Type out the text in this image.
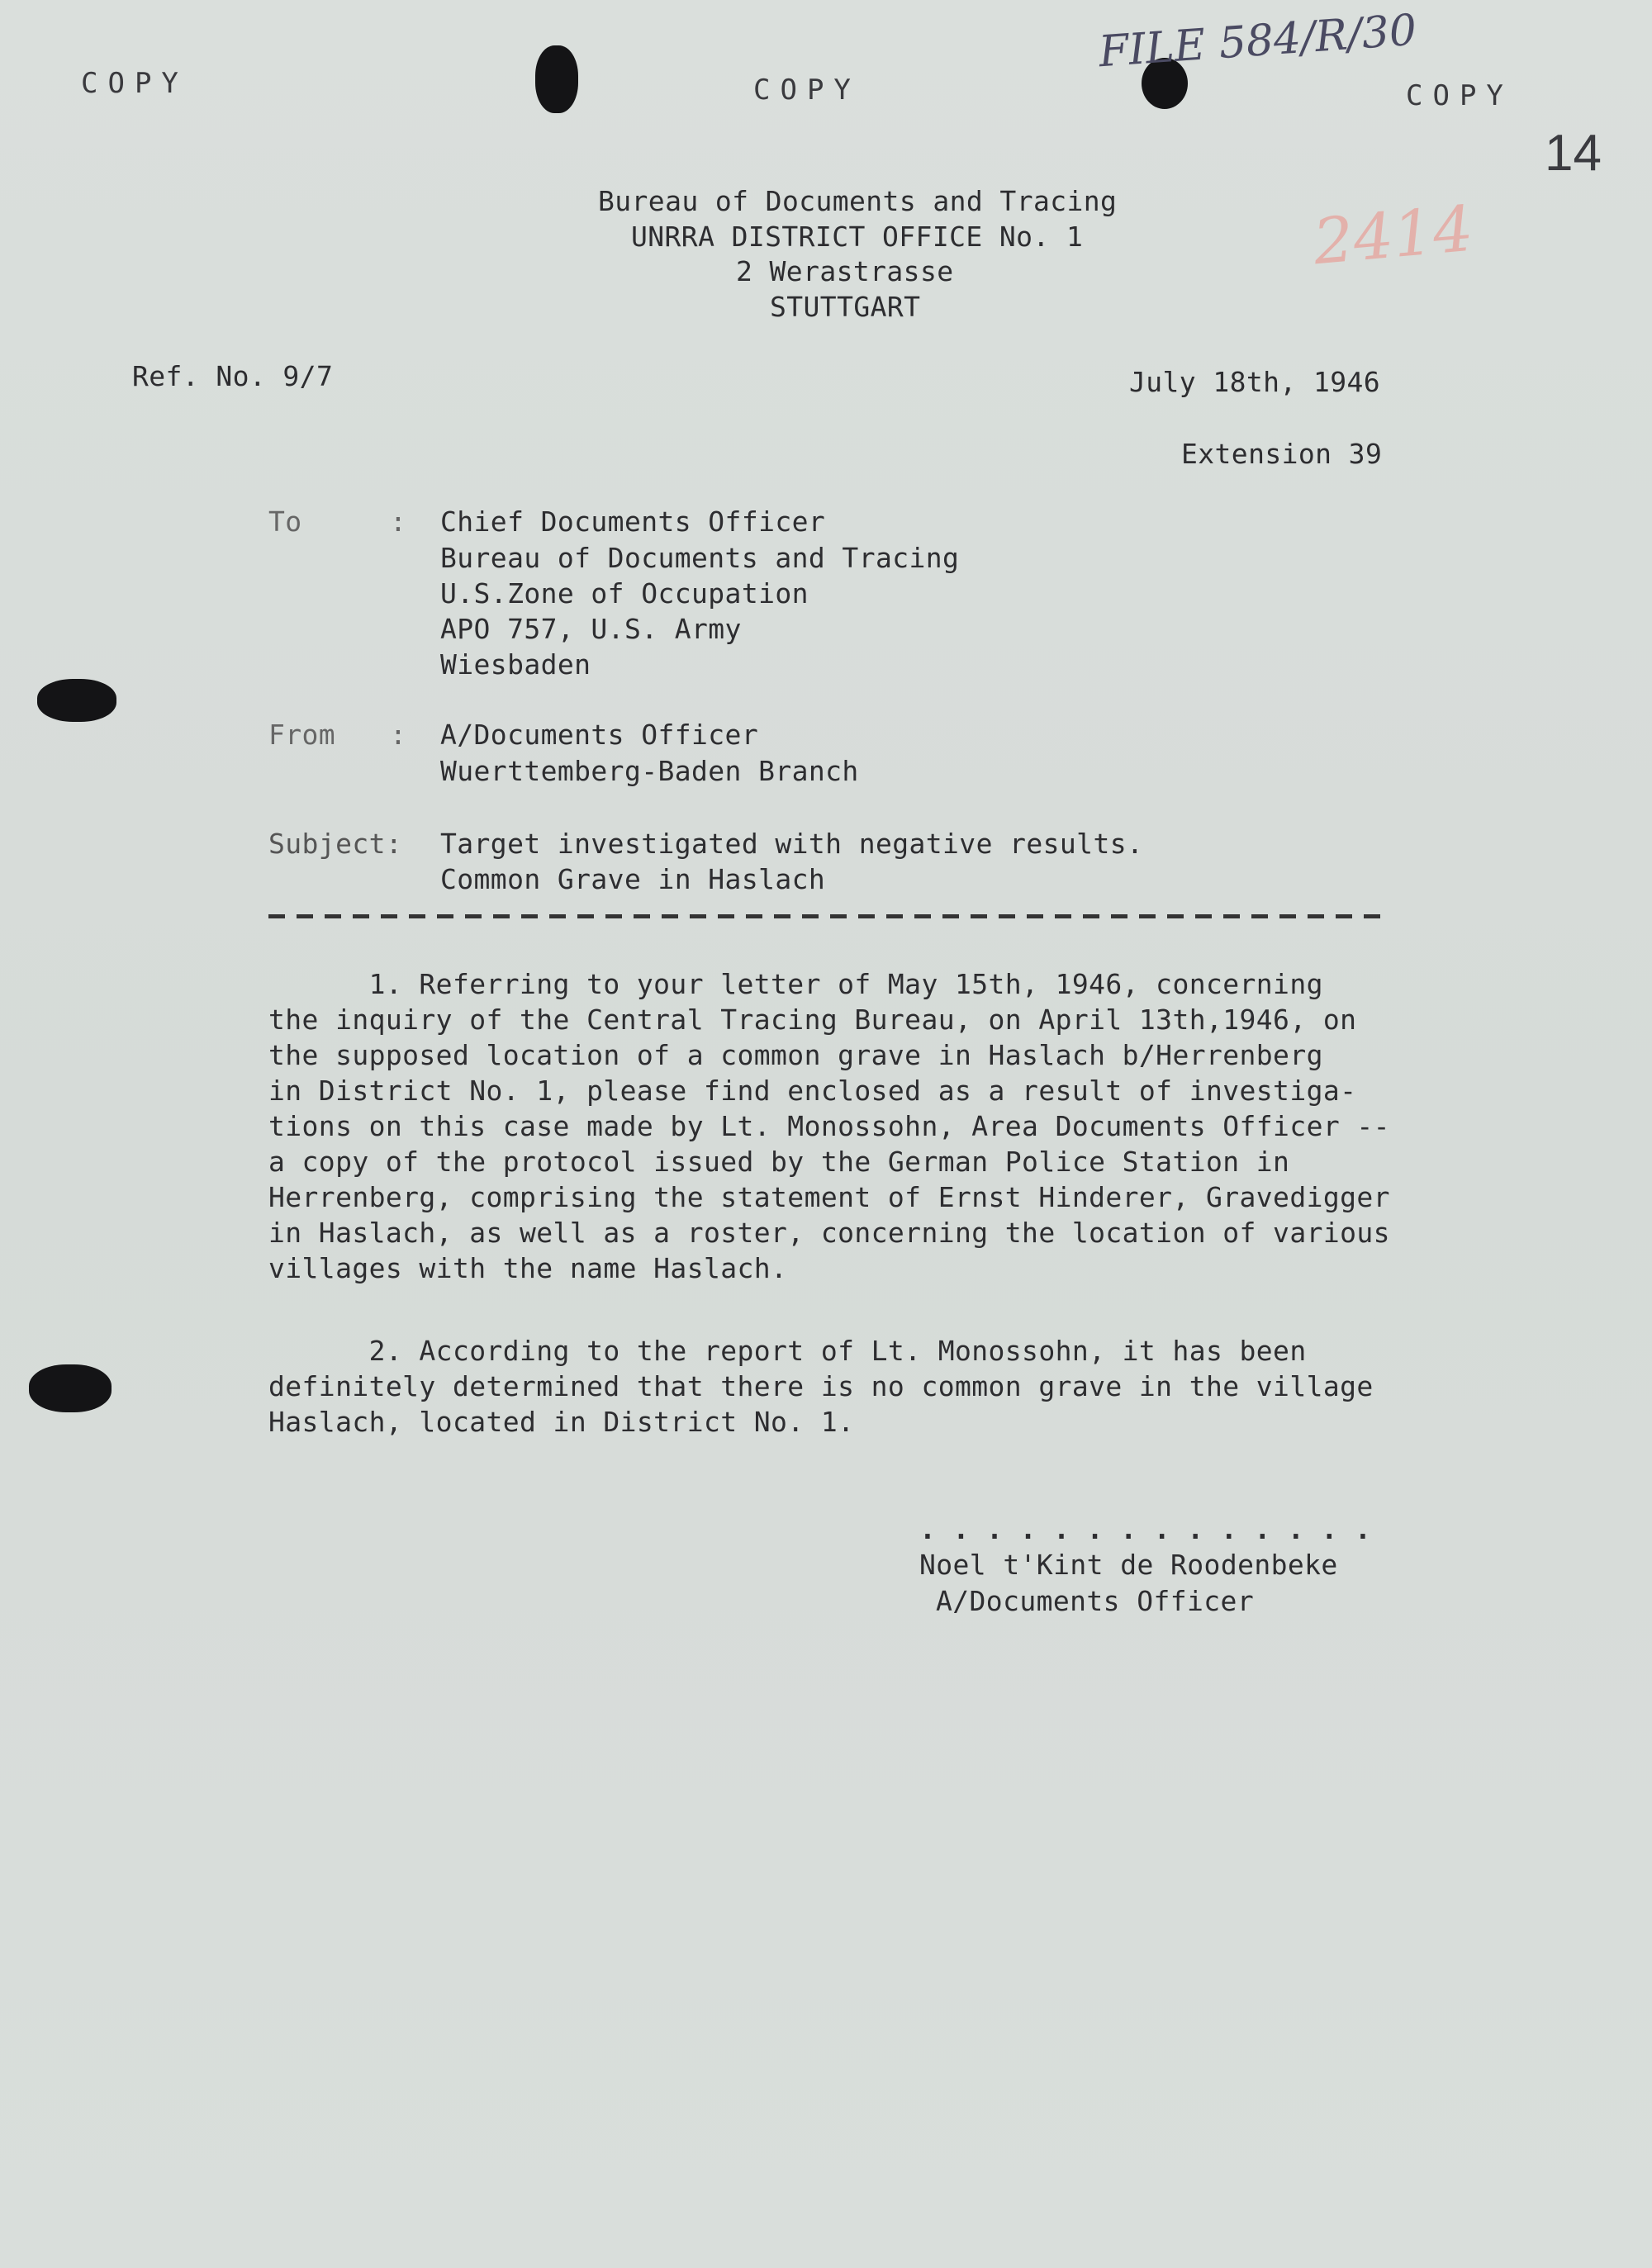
COPY	COPY	COPY
FILE 584/R/30
14
2414
Bureau of Documents and Tracing
UNRRA DISTRICT OFFICE No. 1
2 Werastrasse
STUTTGART
Ref. No. 9/7	July 18th, 1946
Extension 39
To	: Chief Documents Officer
Bureau of Documents and Tracing
U.S.Zone of Occupation
APO 757, U.S. Army
Wiesbaden
From : A/Documents Officer
Wuerttemberg-Baden Branch
Subject: Target investigated with negative results.
Common Grave in Haslach
1. Referring to your letter of May 15th, 1946, concerning
the inquiry of the Central Tracing Bureau, on April 13th,1946, on
the supposed location of a common grave in Haslach b/Herrenberg
in District No. 1, please find enclosed as a result of investiga-
tions on this case made by Lt. Monossohn, Area Documents Officer --
a copy of the protocol issued by the German Police Station in
Herrenberg, comprising the statement of Ernst Hinderer, Gravedigger
in Haslach, as well as a roster, concerning the location of various
villages with the name Haslach.
2. According to the report of Lt. Monossohn, it has been
definitely determined that there is no common grave in the village
Haslach, located in District No. 1.
. . . . . . . . . . . . . .
Noel t'Kint de Roodenbeke
A/Documents Officer
